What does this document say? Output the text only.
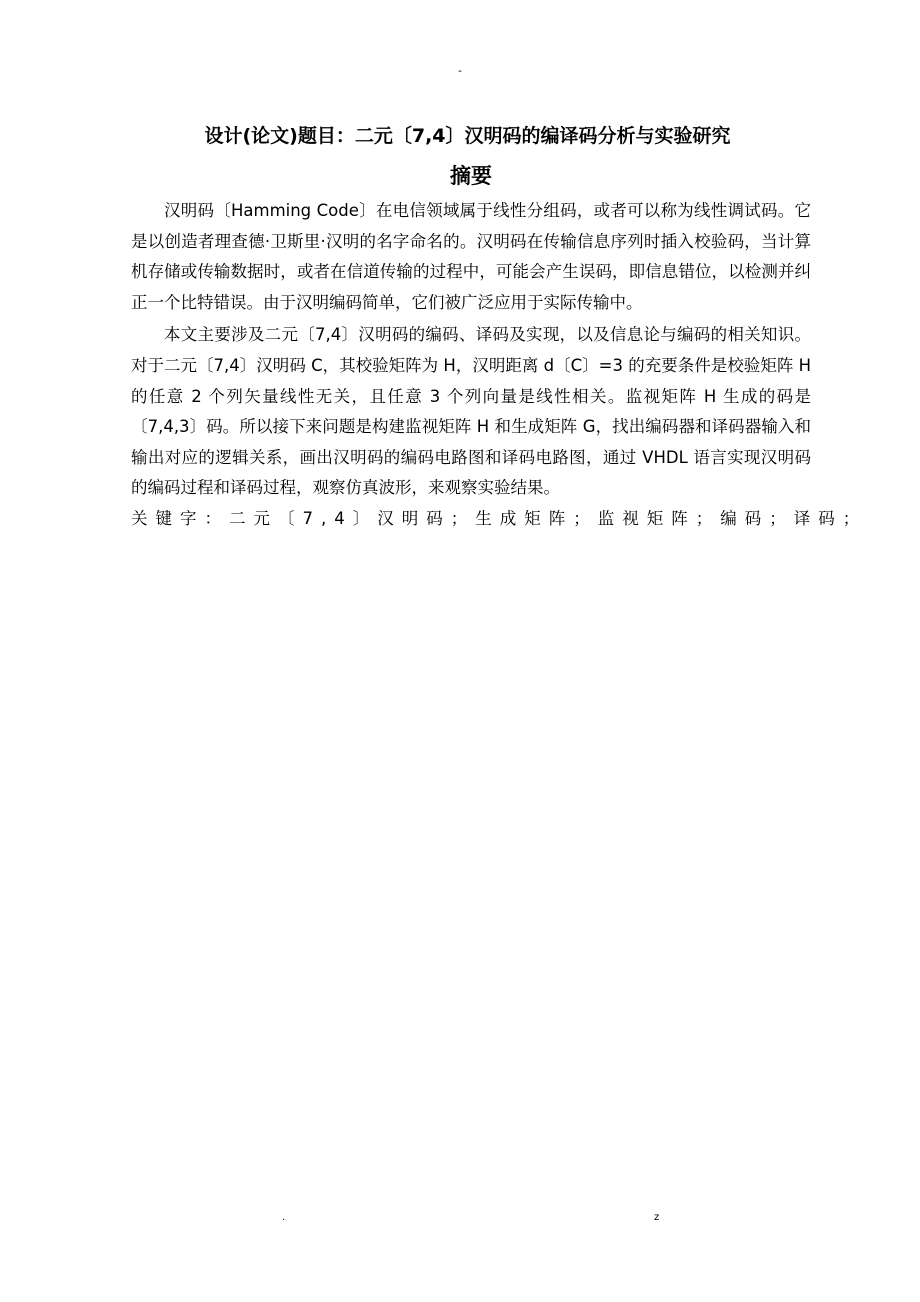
-
设计(论文)题目：二元〔7,4〕汉明码的编译码分析与实验研究
摘要

汉明码〔Hamming Code〕在电信领域属于线性分组码，或者可以称为线性调试码。它是以创造者理查德·卫斯里·汉明的名字命名的。汉明码在传输信息序列时插入校验码，当计算机存储或传输数据时，或者在信道传输的过程中，可能会产生误码，即信息错位，以检测并纠正一个比特错误。由于汉明编码简单，它们被广泛应用于实际传输中。

本文主要涉及二元〔7,4〕汉明码的编码、译码及实现，以及信息论与编码的相关知识。对于二元〔7,4〕汉明码 C，其校验矩阵为 H，汉明距离 d〔C〕=3 的充要条件是校验矩阵 H 的任意 2 个列矢量线性无关，且任意 3 个列向量是线性相关。监视矩阵 H 生成的码是〔7,4,3〕码。所以接下来问题是构建监视矩阵 H 和生成矩阵 G，找出编码器和译码器输入和输出对应的逻辑关系，画出汉明码的编码电路图和译码电路图，通过 VHDL 语言实现汉明码的编码过程和译码过程，观察仿真波形，来观察实验结果。

关键字：二元〔7,4〕汉明码；生成矩阵；监视矩阵；编码；译码；

.	z
